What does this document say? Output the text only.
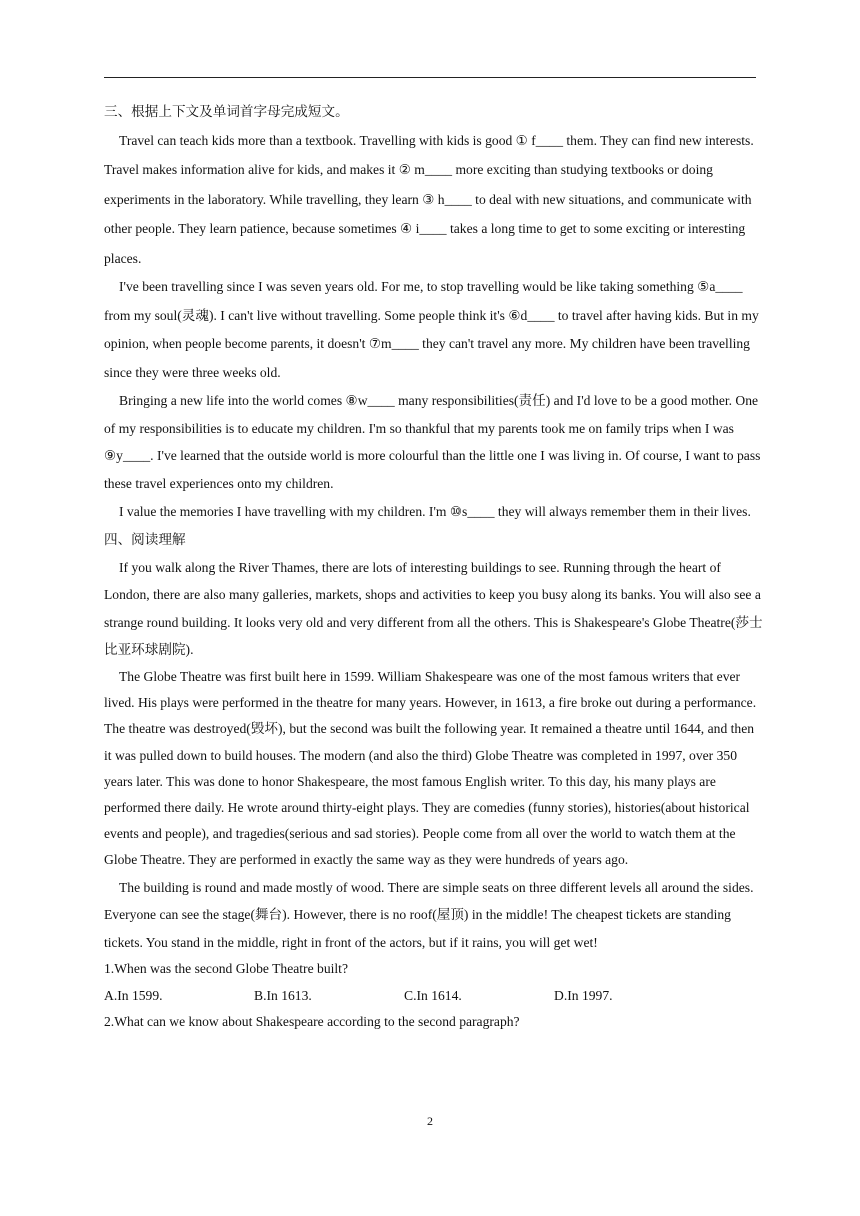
三、根据上下文及单词首字母完成短文。

Travel can teach kids more than a textbook. Travelling with kids is good ① f____ them. They can find new interests. Travel makes information alive for kids, and makes it ② m____ more exciting than studying textbooks or doing experiments in the laboratory. While travelling, they learn ③ h____ to deal with new situations, and communicate with other people. They learn patience, because sometimes ④ i____ takes a long time to get to some exciting or interesting places.

I've been travelling since I was seven years old. For me, to stop travelling would be like taking something ⑤a____ from my soul(灵魂). I can't live without travelling. Some people think it's ⑥d____ to travel after having kids. But in my opinion, when people become parents, it doesn't ⑦m____ they can't travel any more. My children have been travelling since they were three weeks old.

Bringing a new life into the world comes ⑧w____ many responsibilities(责任) and I'd love to be a good mother. One of my responsibilities is to educate my children. I'm so thankful that my parents took me on family trips when I was ⑨y____. I've learned that the outside world is more colourful than the little one I was living in. Of course, I want to pass these travel experiences onto my children.

I value the memories I have travelling with my children. I'm ⑩s____ they will always remember them in their lives.

四、阅读理解

If you walk along the River Thames, there are lots of interesting buildings to see. Running through the heart of London, there are also many galleries, markets, shops and activities to keep you busy along its banks. You will also see a strange round building. It looks very old and very different from all the others. This is Shakespeare's Globe Theatre(莎士比亚环球剧院).

The Globe Theatre was first built here in 1599. William Shakespeare was one of the most famous writers that ever lived. His plays were performed in the theatre for many years. However, in 1613, a fire broke out during a performance. The theatre was destroyed(毁坏), but the second was built the following year. It remained a theatre until 1644, and then it was pulled down to build houses. The modern (and also the third) Globe Theatre was completed in 1997, over 350 years later. This was done to honor Shakespeare, the most famous English writer. To this day, his many plays are performed there daily. He wrote around thirty-eight plays. They are comedies (funny stories), histories(about historical events and people), and tragedies(serious and sad stories). People come from all over the world to watch them at the Globe Theatre. They are performed in exactly the same way as they were hundreds of years ago.

The building is round and made mostly of wood. There are simple seats on three different levels all around the sides. Everyone can see the stage(舞台). However, there is no roof(屋顶) in the middle! The cheapest tickets are standing tickets. You stand in the middle, right in front of the actors, but if it rains, you will get wet!

1.When was the second Globe Theatre built?

A.In 1599.	B.In 1613.	C.In 1614.	D.In 1997.

2.What can we know about Shakespeare according to the second paragraph?

2
